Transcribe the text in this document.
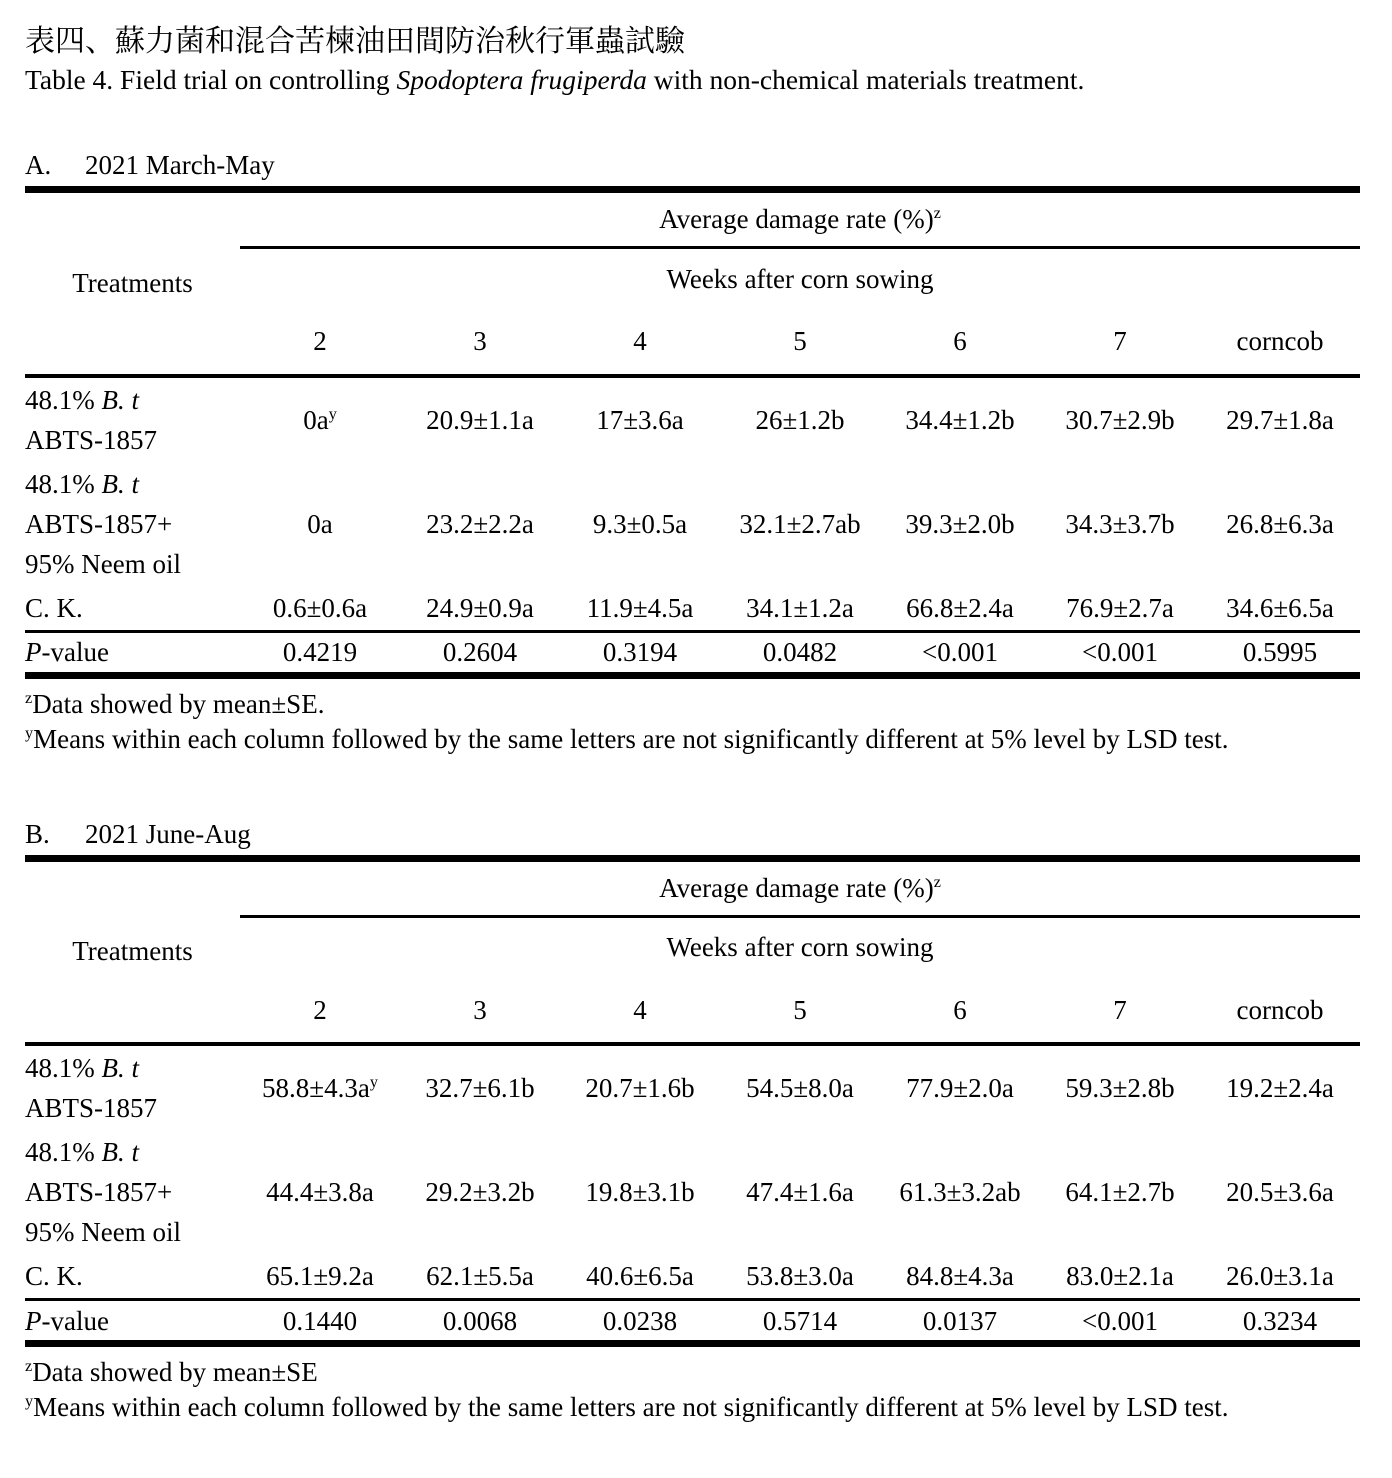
表四、蘇力菌和混合苦楝油田間防治秋行軍蟲試驗
Table 4. Field trial on controlling Spodoptera frugiperda with non-chemical materials treatment.
A. 2021 March-May
Treatments	Average damage rate (%)$^z$
	Weeks after corn sowing						
	2	3	4	5	6	7	corncob
48.1% B. t
ABTS-1857	$0a^y$	20.9±1.1a	17±3.6a	26±1.2b	34.4±1.2b	30.7±2.9b	29.7±1.8a
48.1% B. t
ABTS-1857+
95% Neem oil	0a	23.2±2.2a	9.3±0.5a	32.1±2.7ab	39.3±2.0b	34.3±3.7b	26.8±6.3a
C. K.	0.6±0.6a	24.9±0.9a	11.9±4.5a	34.1±1.2a	66.8±2.4a	76.9±2.7a	34.6±6.5a
P-value	0.4219	0.2604	0.3194	0.0482	<0.001	<0.001	0.5995
$^z$Data showed by mean±SE.
$^y$Means within each column followed by the same letters are not significantly different at 5% level by LSD test.
B. 2021 June-Aug
Treatments	Average damage rate (%)$^z$
	Weeks after corn sowing						
	2	3	4	5	6	7	corncob
48.1% B. t
ABTS-1857	$58.8\pm 4.3a^y$	32.7±6.1b	20.7±1.6b	54.5±8.0a	77.9±2.0a	59.3±2.8b	19.2±2.4a
48.1% B. t
ABTS-1857+
95% Neem oil	44.4±3.8a	29.2±3.2b	19.8±3.1b	47.4±1.6a	61.3±3.2ab	64.1±2.7b	20.5±3.6a
C. K.	65.1±9.2a	62.1±5.5a	40.6±6.5a	53.8±3.0a	84.8±4.3a	83.0±2.1a	26.0±3.1a
P-value	0.1440	0.0068	0.0238	0.5714	0.0137	<0.001	0.3234
$^z$Data showed by mean±SE
$^y$Means within each column followed by the same letters are not significantly different at 5% level by LSD test.
